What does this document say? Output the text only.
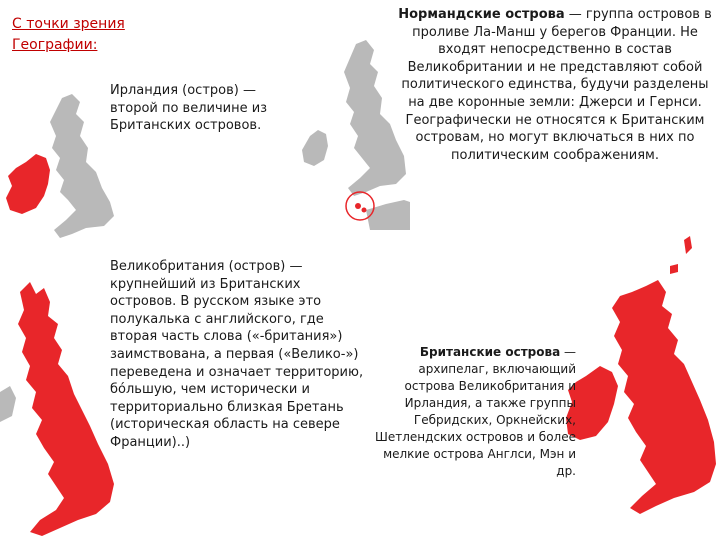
С точки зрения Географии:
Ирландия (остров) — второй по величине из Британских островов.
Нормандские острова — группа островов в проливе Ла-Манш у берегов Франции. Не входят непосредственно в состав Великобритании и не представляют собой политического единства, будучи разделены на две коронные земли: Джерси и Гернси. Географически не относятся к Британским островам, но могут включаться в них по политическим соображениям.
Великобритания (остров) — крупнейший из Британских островов. В русском языке это полукалька с английского, где вторая часть слова («-британия») заимствована, а первая («Велико-») переведена и означает территорию, бóльшую, чем исторически и территориально близкая Бретань (историческая область на севере Франции)..)
Британские острова — архипелаг, включающий острова Великобритания и Ирландия, а также группы Гебридских, Оркнейских, Шетлендских островов и более мелкие острова Англси, Мэн и др.
